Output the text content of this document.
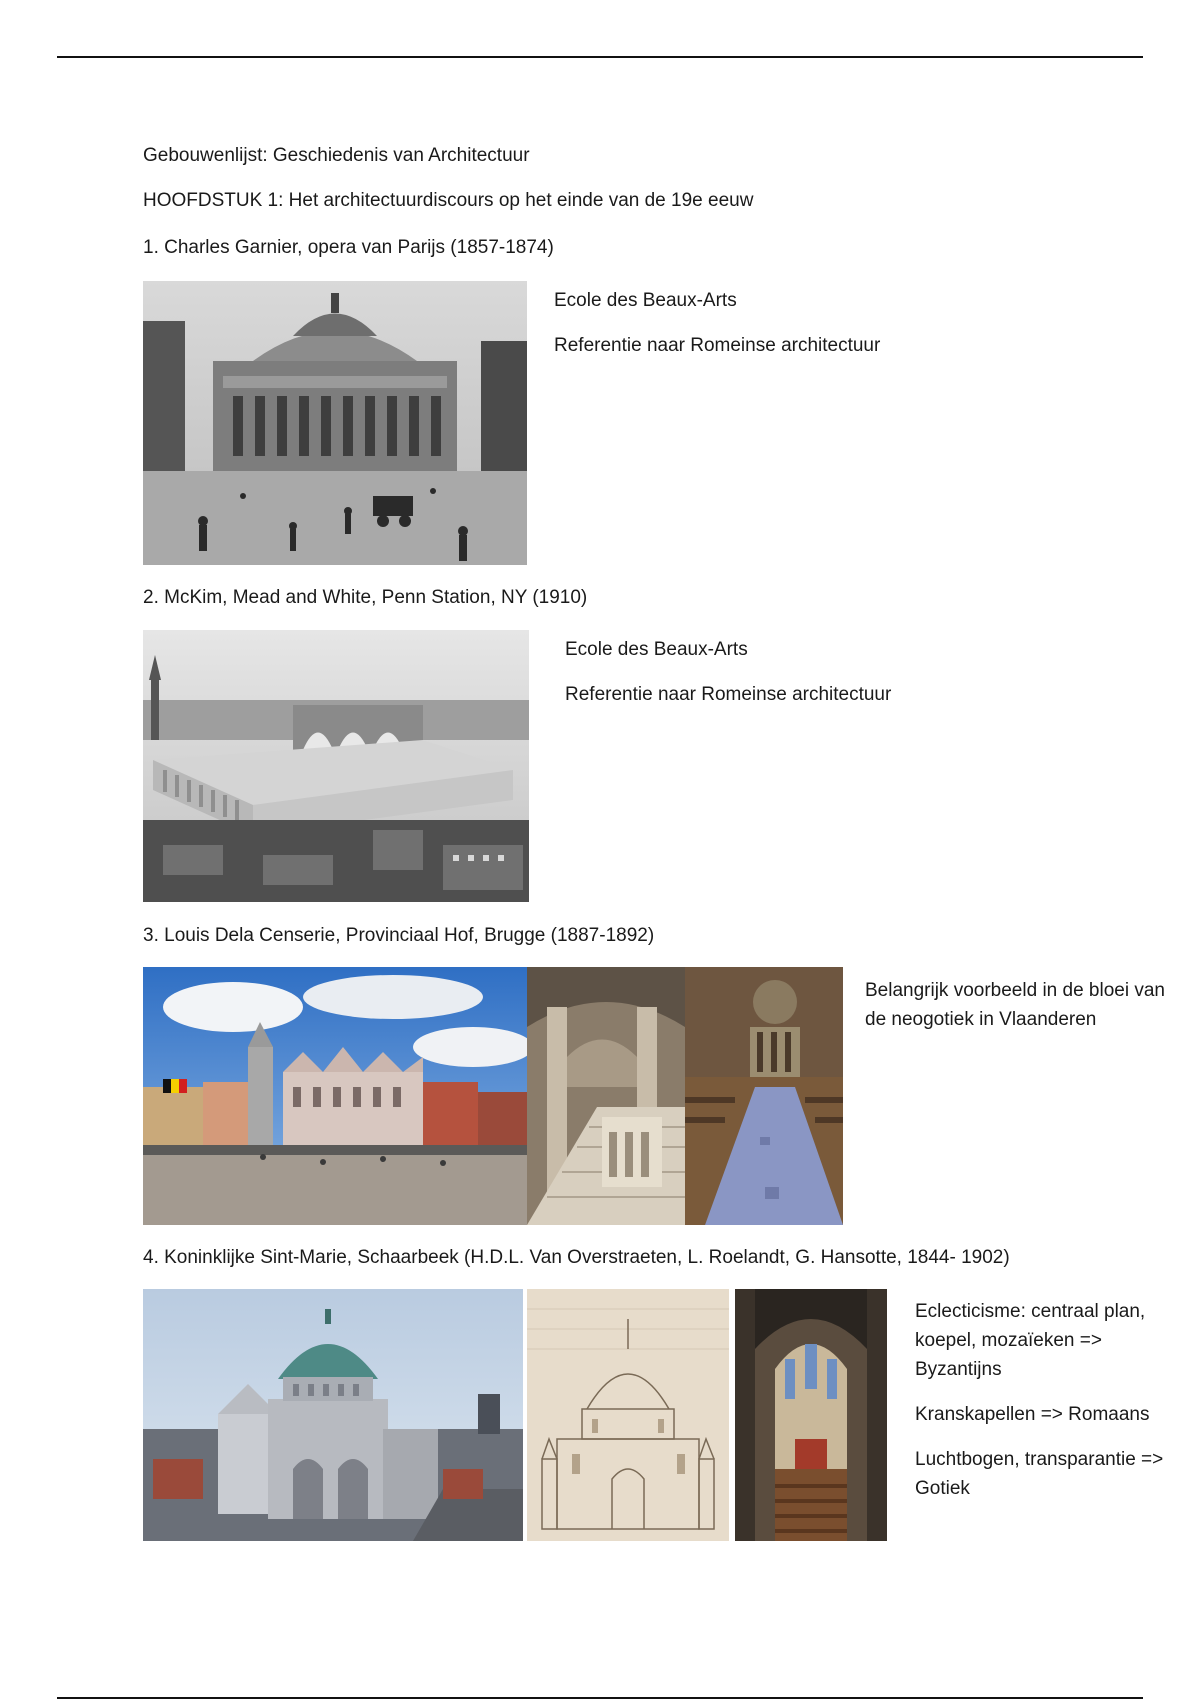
Gebouwenlijst: Geschiedenis van Architectuur
HOOFDSTUK 1: Het architectuurdiscours op het einde van de 19e eeuw
1. Charles Garnier, opera van Parijs (1857-1874)

Ecole des Beaux-Arts

Referentie naar Romeinse architectuur

2. McKim, Mead and White, Penn Station, NY (1910)

Ecole des Beaux-Arts

Referentie naar Romeinse architectuur

3. Louis Dela Censerie, Provinciaal Hof, Brugge (1887-1892)

Belangrijk voorbeeld in de bloei van de neogotiek in Vlaanderen

4. Koninklijke Sint-Marie, Schaarbeek (H.D.L. Van Overstraeten, L. Roelandt, G. Hansotte, 1844- 1902)

Eclecticisme: centraal plan, koepel, mozaïeken => Byzantijns

Kranskapellen => Romaans

Luchtbogen, transparantie => Gotiek
